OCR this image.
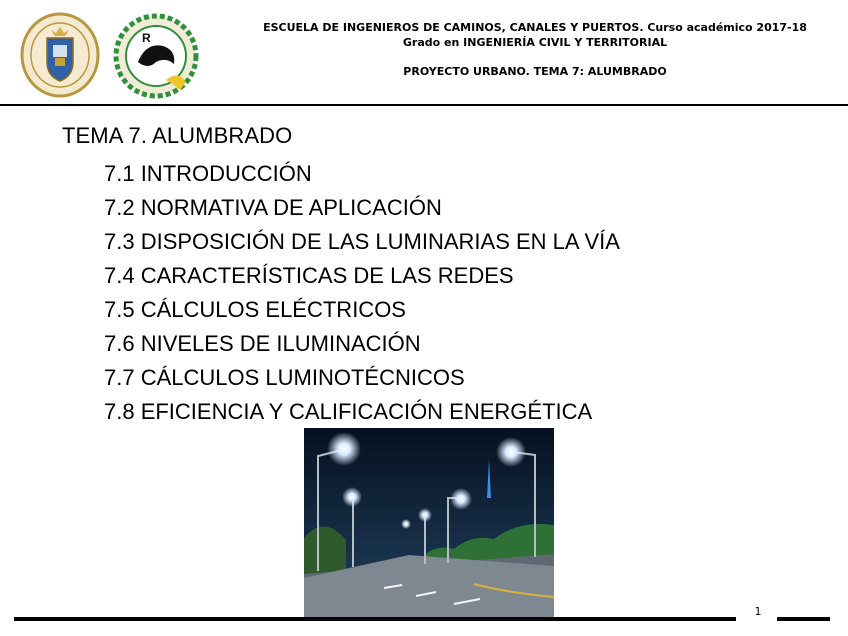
R
ESCUELA DE INGENIEROS DE CAMINOS, CANALES Y PUERTOS. Curso académico 2017-18
Grado en INGENIERÍA CIVIL Y TERRITORIAL
PROYECTO URBANO. TEMA 7: ALUMBRADO
TEMA 7. ALUMBRADO
7.1 INTRODUCCIÓN
7.2 NORMATIVA DE APLICACIÓN
7.3 DISPOSICIÓN DE LAS LUMINARIAS EN LA VÍA
7.4 CARACTERÍSTICAS DE LAS REDES
7.5 CÁLCULOS ELÉCTRICOS
7.6 NIVELES DE ILUMINACIÓN
7.7 CÁLCULOS LUMINOTÉCNICOS
7.8 EFICIENCIA Y CALIFICACIÓN ENERGÉTICA
1
